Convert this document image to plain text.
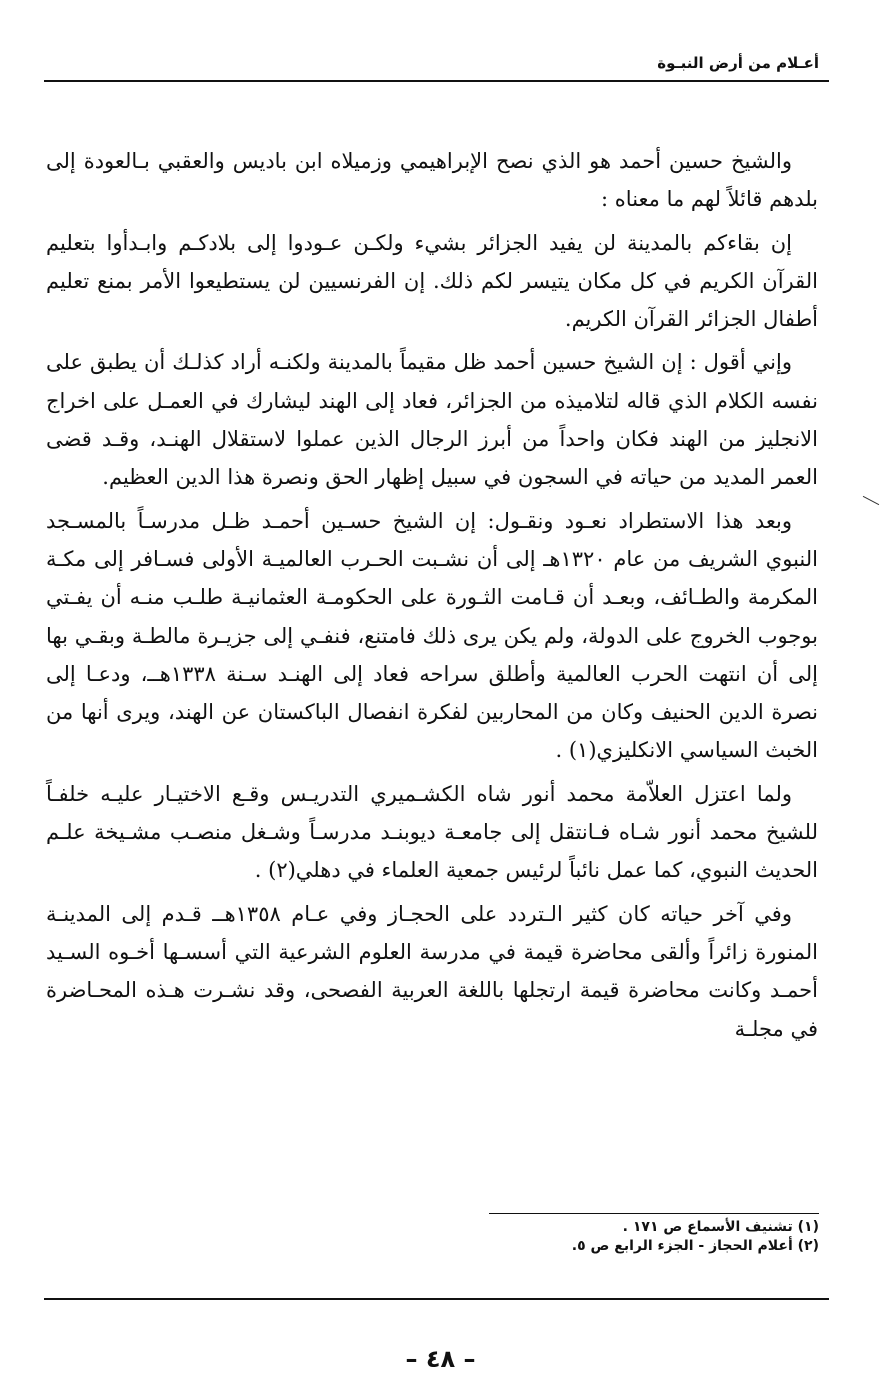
أعـلام من أرض النبـوة

والشيخ حسين أحمد هو الذي نصح الإبراهيمي وزميلاه ابن باديس والعقبي بـالعودة إلى بلدهم قائلاً لهم ما معناه :

إن بقاءكم بالمدينة لن يفيد الجزائر بشيء ولكـن عـودوا إلى بلادكـم وابـدأوا بتعليم القرآن الكريم في كل مكان يتيسر لكم ذلك. إن الفرنسيين لن يستطيعوا الأمر بمنع تعليم أطفال الجزائر القرآن الكريم.

وإني أقول : إن الشيخ حسين أحمد ظل مقيماً بالمدينة ولكنـه أراد كذلـك أن يطبق على نفسه الكلام الذي قاله لتلاميذه من الجزائر، فعاد إلى الهند ليشارك في العمـل على اخراج الانجليز من الهند فكان واحداً من أبرز الرجال الذين عملوا لاستقلال الهنـد، وقـد قضى العمر المديد من حياته في السجون في سبيل إظهار الحق ونصرة هذا الدين العظيم.

وبعد هذا الاستطراد نعـود ونقـول: إن الشيخ حسـين أحمـد ظـل مدرسـاً بالمسـجد النبوي الشريف من عام ١٣٢٠هـ إلى أن نشـبت الحـرب العالميـة الأولى فسـافر إلى مكـة المكرمة والطـائف، وبعـد أن قـامت الثـورة على الحكومـة العثمانيـة طلـب منـه أن يفـتي بوجوب الخروج على الدولة، ولم يكن يرى ذلك فامتنع، فنفـي إلى جزيـرة مالطـة وبقـي بها إلى أن انتهت الحرب العالمية وأطلق سراحه فعاد إلى الهنـد سـنة ١٣٣٨هــ، ودعـا إلى نصرة الدين الحنيف وكان من المحاربين لفكرة انفصال الباكستان عن الهند، ويرى أنها من الخبث السياسي الانكليزي(١) .

ولما اعتزل العلاّمة محمد أنور شاه الكشـميري التدريـس وقـع الاختيـار عليـه خلفـاً للشيخ محمد أنور شـاه فـانتقل إلى جامعـة ديوبنـد مدرسـاً وشـغل منصـب مشـيخة علـم الحديث النبوي، كما عمل نائباً لرئيس جمعية العلماء في دهلي(٢) .

وفي آخر حياته كان كثير الـتردد على الحجـاز وفي عـام ١٣٥٨هــ قـدم إلى المدينـة المنورة زائراً وألقى محاضرة قيمة في مدرسة العلوم الشرعية التي أسسـها أخـوه السـيد أحمـد وكانت محاضرة قيمة ارتجلها باللغة العربية الفصحى، وقد نشـرت هـذه المحـاضرة في مجلـة

(١) تشنيف الأسماع ص ١٧١ .

(٢) أعلام الحجاز - الجزء الرابع ص ٥.

– ٤٨ –
